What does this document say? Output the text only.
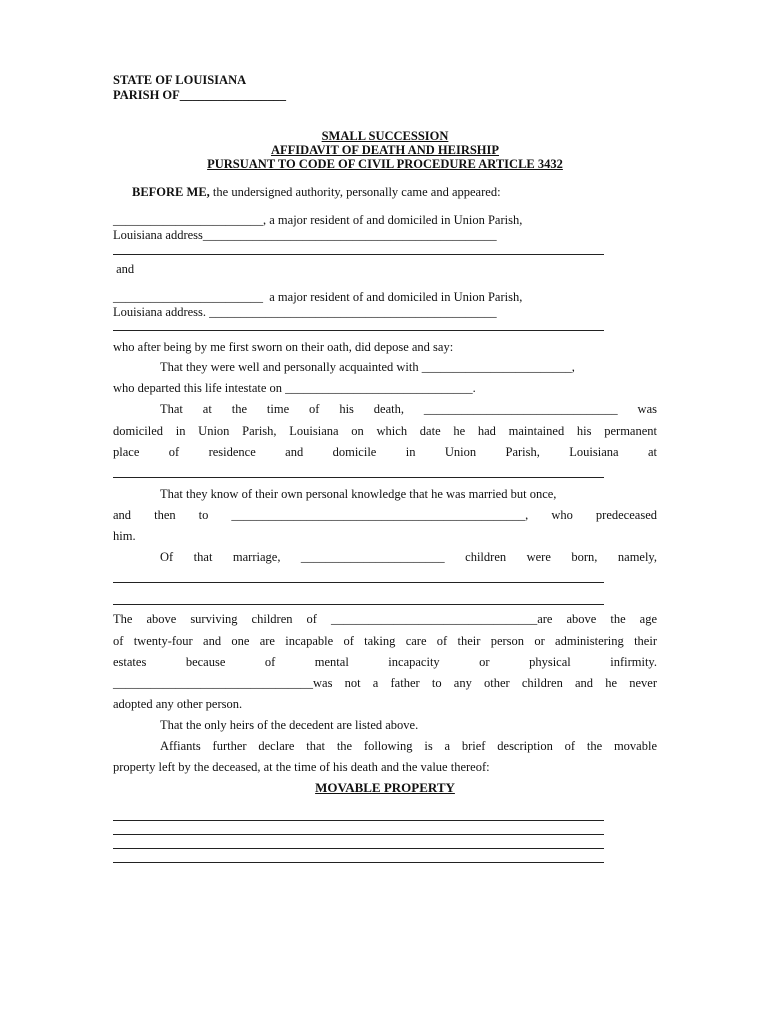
STATE OF LOUISIANA
PARISH OF_________________
SMALL SUCCESSION
AFFIDAVIT OF DEATH AND HEIRSHIP
PURSUANT TO CODE OF CIVIL PROCEDURE ARTICLE 3432
BEFORE ME, the undersigned authority, personally came and appeared:
________________________, a major resident of and domiciled in Union Parish,
Louisiana address_______________________________________________
and
________________________  a major resident of and domiciled in Union Parish,
Louisiana address. ______________________________________________
who after being by me first sworn on their oath, did depose and say:
That they were well and personally acquainted with ________________________,
who departed this life intestate on ______________________________.
That at the time of his death, _______________________________ was
domiciled in Union Parish, Louisiana on which date he had maintained his permanent
place of residence and domicile in Union Parish, Louisiana at
That they know of their own personal knowledge that he was married but once,
and then to _______________________________________________, who predeceased
him.
Of that marriage, _______________________ children were born, namely,
The above surviving children of _________________________________are above the age
of twenty-four and one are incapable of taking care of their person or administering their
estates because of mental incapacity or physical infirmity.
________________________________was not a father to any other children and he never
adopted any other person.
That the only heirs of the decedent are listed above.
Affiants further declare that the following is a brief description of the movable
property left by the deceased, at the time of his death and the value thereof:
MOVABLE PROPERTY
